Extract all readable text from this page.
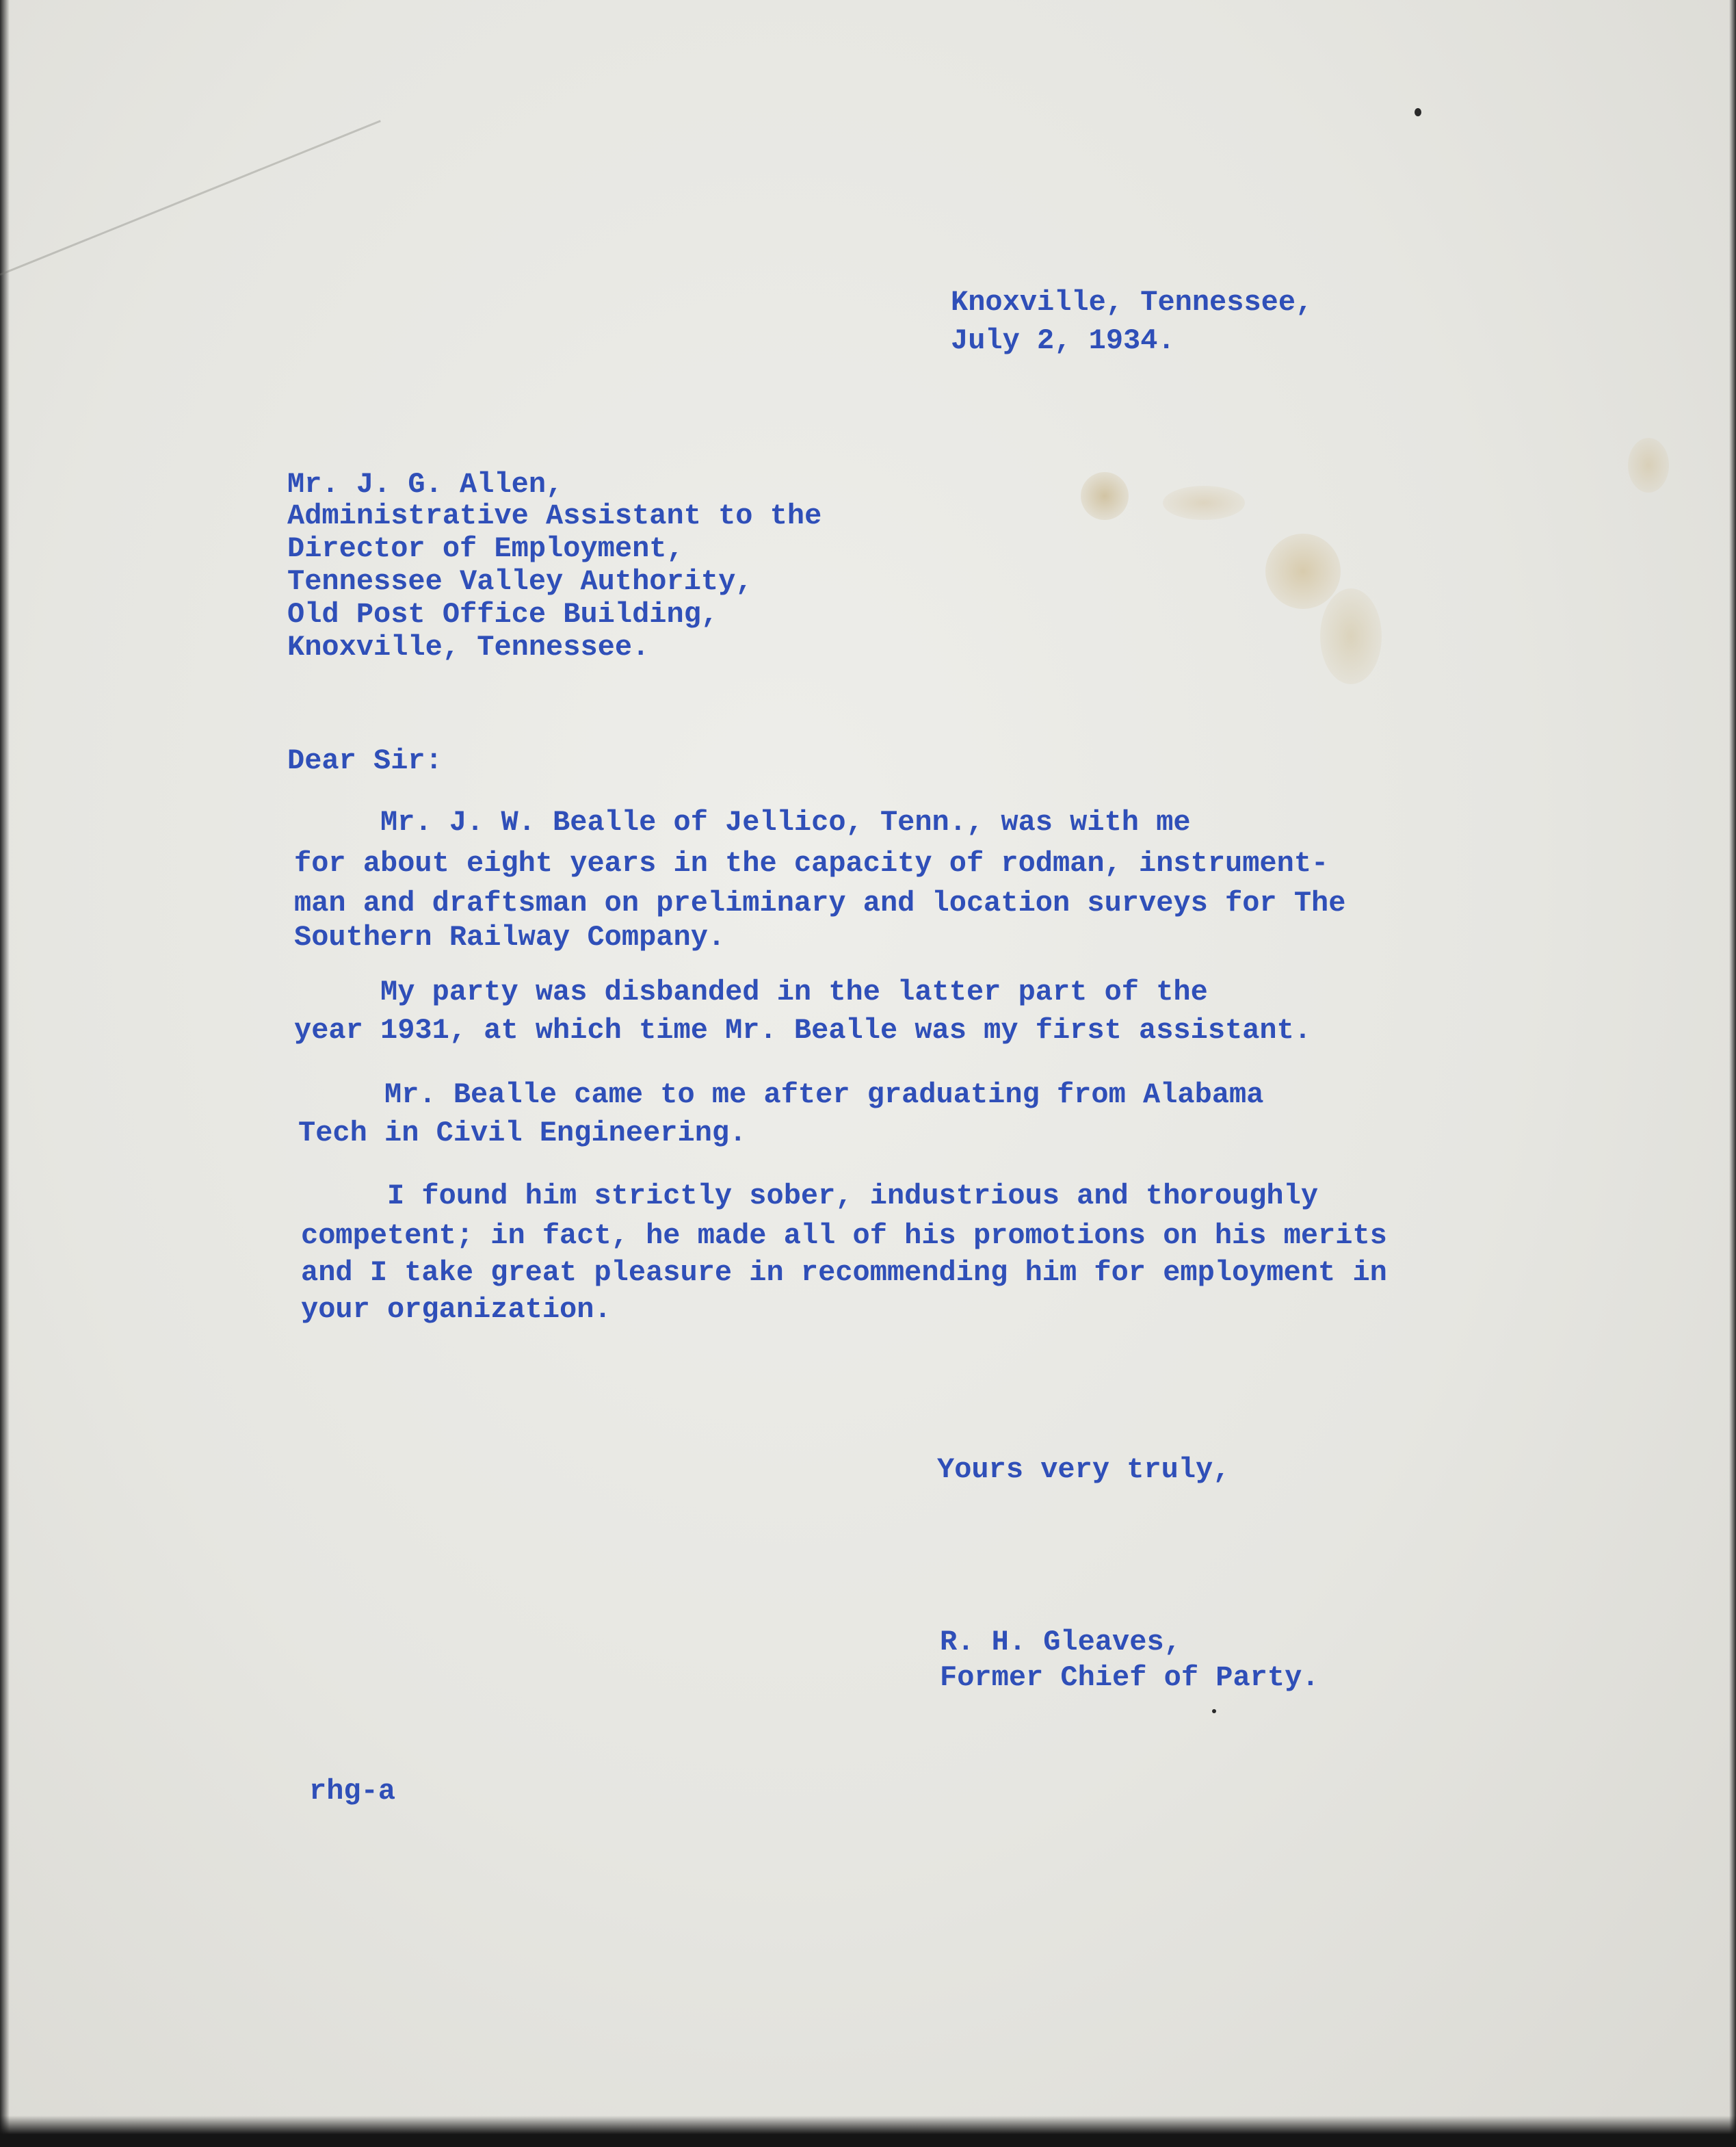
Knoxville, Tennessee,
July 2, 1934.
Mr. J. G. Allen,
Administrative Assistant to the
Director of Employment,
Tennessee Valley Authority,
Old Post Office Building,
Knoxville, Tennessee.
Dear Sir:
Mr. J. W. Bealle of Jellico, Tenn., was with me
for about eight years in the capacity of rodman, instrument-
man and draftsman on preliminary and location surveys for The
Southern Railway Company.
My party was disbanded in the latter part of the
year 1931, at which time Mr. Bealle was my first assistant.
Mr. Bealle came to me after graduating from Alabama
Tech in Civil Engineering.
I found him strictly sober, industrious and thoroughly
competent; in fact, he made all of his promotions on his merits
and I take great pleasure in recommending him for employment in
your organization.
Yours very truly,
R. H. Gleaves,
Former Chief of Party.
rhg-a
